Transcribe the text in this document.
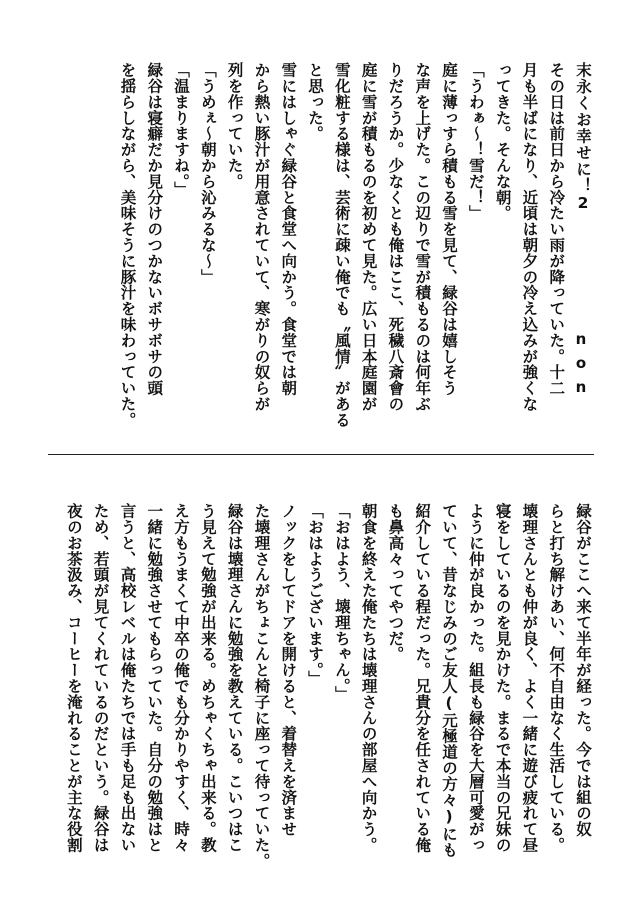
末永くお幸せに！2
その日は前日から冷たい雨が降っていた。十二
月も半ばになり、近頃は朝夕の冷え込みが強くな
ってきた。そんな朝。
「うわぁ〜！雪だ！」
庭に薄っすら積もる雪を見て、緑谷は嬉しそう
な声を上げた。この辺りで雪が積もるのは何年ぶ
りだろうか。少なくとも俺はここ、死穢八斎會の
庭に雪が積もるのを初めて見た。広い日本庭園が
雪化粧する様は、芸術に疎い俺でも〝風情〟がある
と思った。
雪にはしゃぐ緑谷と食堂へ向かう。食堂では朝
から熱い豚汁が用意されていて、寒がりの奴らが
列を作っていた。
「うめぇ〜朝から沁みるな〜」
「温まりますね。」
緑谷は寝癖だか見分けのつかないボサボサの頭
を揺らしながら、美味そうに豚汁を味わっていた。
緑谷がここへ来て半年が経った。今では組の奴
らと打ち解けあい、何不自由なく生活している。
壊理さんとも仲が良く、よく一緒に遊び疲れて昼
寝をしているのを見かけた。まるで本当の兄妹の
ように仲が良かった。組長も緑谷を大層可愛がっ
ていて、昔なじみのご友人(元極道の方々)にも
紹介している程だった。兄貴分を任されている俺
も鼻高々ってやつだ。
朝食を終えた俺たちは壊理さんの部屋へ向かう。
「おはよう、壊理ちゃん。」
「おはようございます。」
ノックをしてドアを開けると、着替えを済ませ
た壊理さんがちょこんと椅子に座って待っていた。
緑谷は壊理さんに勉強を教えている。こいつはこ
う見えて勉強が出来る。めちゃくちゃ出来る。教
え方もうまくて中卒の俺でも分かりやすく、時々
一緒に勉強させてもらっていた。自分の勉強はと
言うと、高校レベルは俺たちでは手も足も出ない
ため、若頭が見てくれているのだという。緑谷は
夜のお茶汲み、コーヒーを淹れることが主な役割
non
